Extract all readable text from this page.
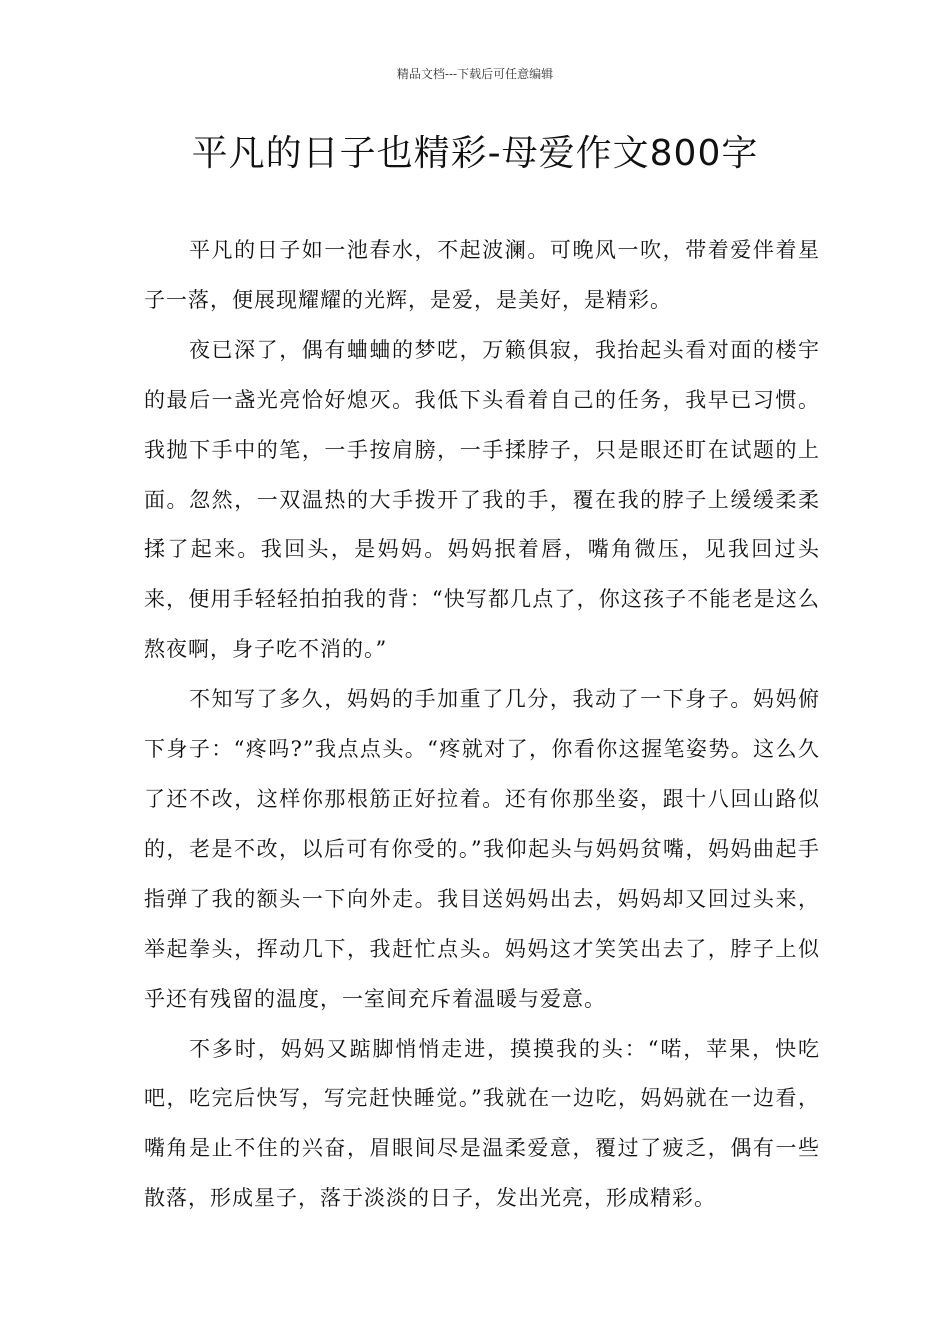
精品文档---下载后可任意编辑
平凡的日子也精彩-母爱作文800字

平凡的日子如一池春水，不起波澜。可晚风一吹，带着爱伴着星子一落，便展现耀耀的光辉，是爱，是美好，是精彩。

夜已深了，偶有蛐蛐的梦呓，万籁俱寂，我抬起头看对面的楼宇的最后一盏光亮恰好熄灭。我低下头看着自己的任务，我早已习惯。我抛下手中的笔，一手按肩膀，一手揉脖子，只是眼还盯在试题的上面。忽然，一双温热的大手拨开了我的手，覆在我的脖子上缓缓柔柔揉了起来。我回头，是妈妈。妈妈抿着唇，嘴角微压，见我回过头来，便用手轻轻拍拍我的背：“快写都几点了，你这孩子不能老是这么熬夜啊，身子吃不消的。”

不知写了多久，妈妈的手加重了几分，我动了一下身子。妈妈俯下身子：“疼吗?”我点点头。“疼就对了，你看你这握笔姿势。这么久了还不改，这样你那根筋正好拉着。还有你那坐姿，跟十八回山路似的，老是不改，以后可有你受的。”我仰起头与妈妈贫嘴，妈妈曲起手指弹了我的额头一下向外走。我目送妈妈出去，妈妈却又回过头来，举起拳头，挥动几下，我赶忙点头。妈妈这才笑笑出去了，脖子上似乎还有残留的温度，一室间充斥着温暖与爱意。

不多时，妈妈又踮脚悄悄走进，摸摸我的头：“喏，苹果，快吃吧，吃完后快写，写完赶快睡觉。”我就在一边吃，妈妈就在一边看，嘴角是止不住的兴奋，眉眼间尽是温柔爱意，覆过了疲乏，偶有一些散落，形成星子，落于淡淡的日子，发出光亮，形成精彩。
